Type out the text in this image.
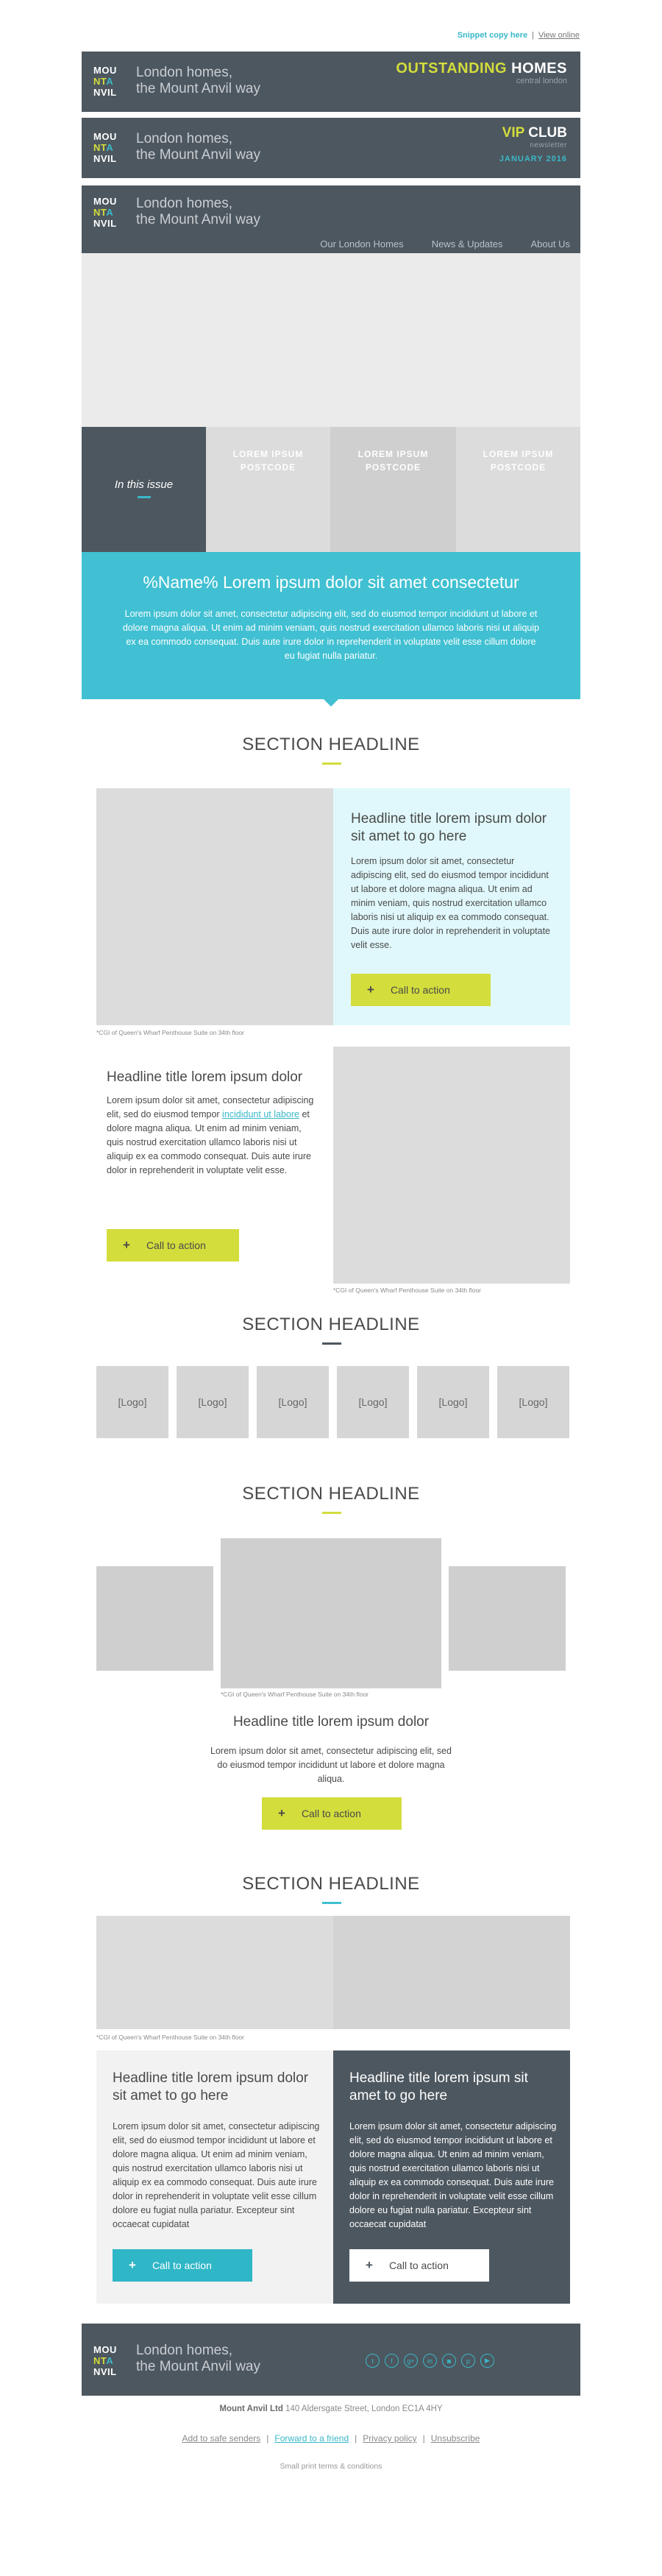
Snippet copy here | View online
MOU
NTA
NVIL
London homes,
the Mount Anvil way
OUTSTANDING HOMES
central london
MOU
NTA
NVIL
London homes,
the Mount Anvil way
VIP CLUB
newsletter
JANUARY 2016
MOU
NTA
NVIL
London homes,
the Mount Anvil way
Our London Homes	News & Updates	About Us
In this issue
LOREM IPSUM
POSTCODE
LOREM IPSUM
POSTCODE
LOREM IPSUM
POSTCODE
%Name% Lorem ipsum dolor sit amet consectetur
Lorem ipsum dolor sit amet, consectetur adipiscing elit, sed do eiusmod tempor incididunt ut labore et dolore magna aliqua. Ut enim ad minim veniam, quis nostrud exercitation ullamco laboris nisi ut aliquip ex ea commodo consequat. Duis aute irure dolor in reprehenderit in voluptate velit esse cillum dolore eu fugiat nulla pariatur.
SECTION HEADLINE
Headline title lorem ipsum dolor sit amet to go here
Lorem ipsum dolor sit amet, consectetur adipiscing elit, sed do eiusmod tempor incididunt ut labore et dolore magna aliqua. Ut enim ad minim veniam, quis nostrud exercitation ullamco laboris nisi ut aliquip ex ea commodo consequat. Duis aute irure dolor in reprehenderit in voluptate velit esse.
+ Call to action
*CGI of Queen's Wharf Penthouse Suite on 34th floor
Headline title lorem ipsum dolor
Lorem ipsum dolor sit amet, consectetur adipiscing elit, sed do eiusmod tempor incididunt ut labore et dolore magna aliqua. Ut enim ad minim veniam, quis nostrud exercitation ullamco laboris nisi ut aliquip ex ea commodo consequat. Duis aute irure dolor in reprehenderit in voluptate velit esse.
+ Call to action
*CGI of Queen's Wharf Penthouse Suite on 34th floor
SECTION HEADLINE
[Logo]	[Logo]	[Logo]	[Logo]	[Logo]	[Logo]
SECTION HEADLINE
*CGI of Queen's Wharf Penthouse Suite on 34th floor
Headline title lorem ipsum dolor
Lorem ipsum dolor sit amet, consectetur adipiscing elit, sed do eiusmod tempor incididunt ut labore et dolore magna aliqua.
+ Call to action
SECTION HEADLINE
*CGI of Queen's Wharf Penthouse Suite on 34th floor
Headline title lorem ipsum dolor sit amet to go here
Lorem ipsum dolor sit amet, consectetur adipiscing elit, sed do eiusmod tempor incididunt ut labore et dolore magna aliqua. Ut enim ad minim veniam, quis nostrud exercitation ullamco laboris nisi ut aliquip ex ea commodo consequat. Duis aute irure dolor in reprehenderit in voluptate velit esse cillum dolore eu fugiat nulla pariatur. Excepteur sint occaecat cupidatat
+ Call to action
Headline title lorem ipsum sit amet to go here
Lorem ipsum dolor sit amet, consectetur adipiscing elit, sed do eiusmod tempor incididunt ut labore et dolore magna aliqua. Ut enim ad minim veniam, quis nostrud exercitation ullamco laboris nisi ut aliquip ex ea commodo consequat. Duis aute irure dolor in reprehenderit in voluptate velit esse cillum dolore eu fugiat nulla pariatur. Excepteur sint occaecat cupidatat
+ Call to action
MOU
NTA
NVIL
London homes,
the Mount Anvil way	t	f	g+	in	◙	p	▶
Mount Anvil Ltd 140 Aldersgate Street, London EC1A 4HY
Add to safe senders | Forward to a friend | Privacy policy | Unsubscribe
Small print terms & conditions
